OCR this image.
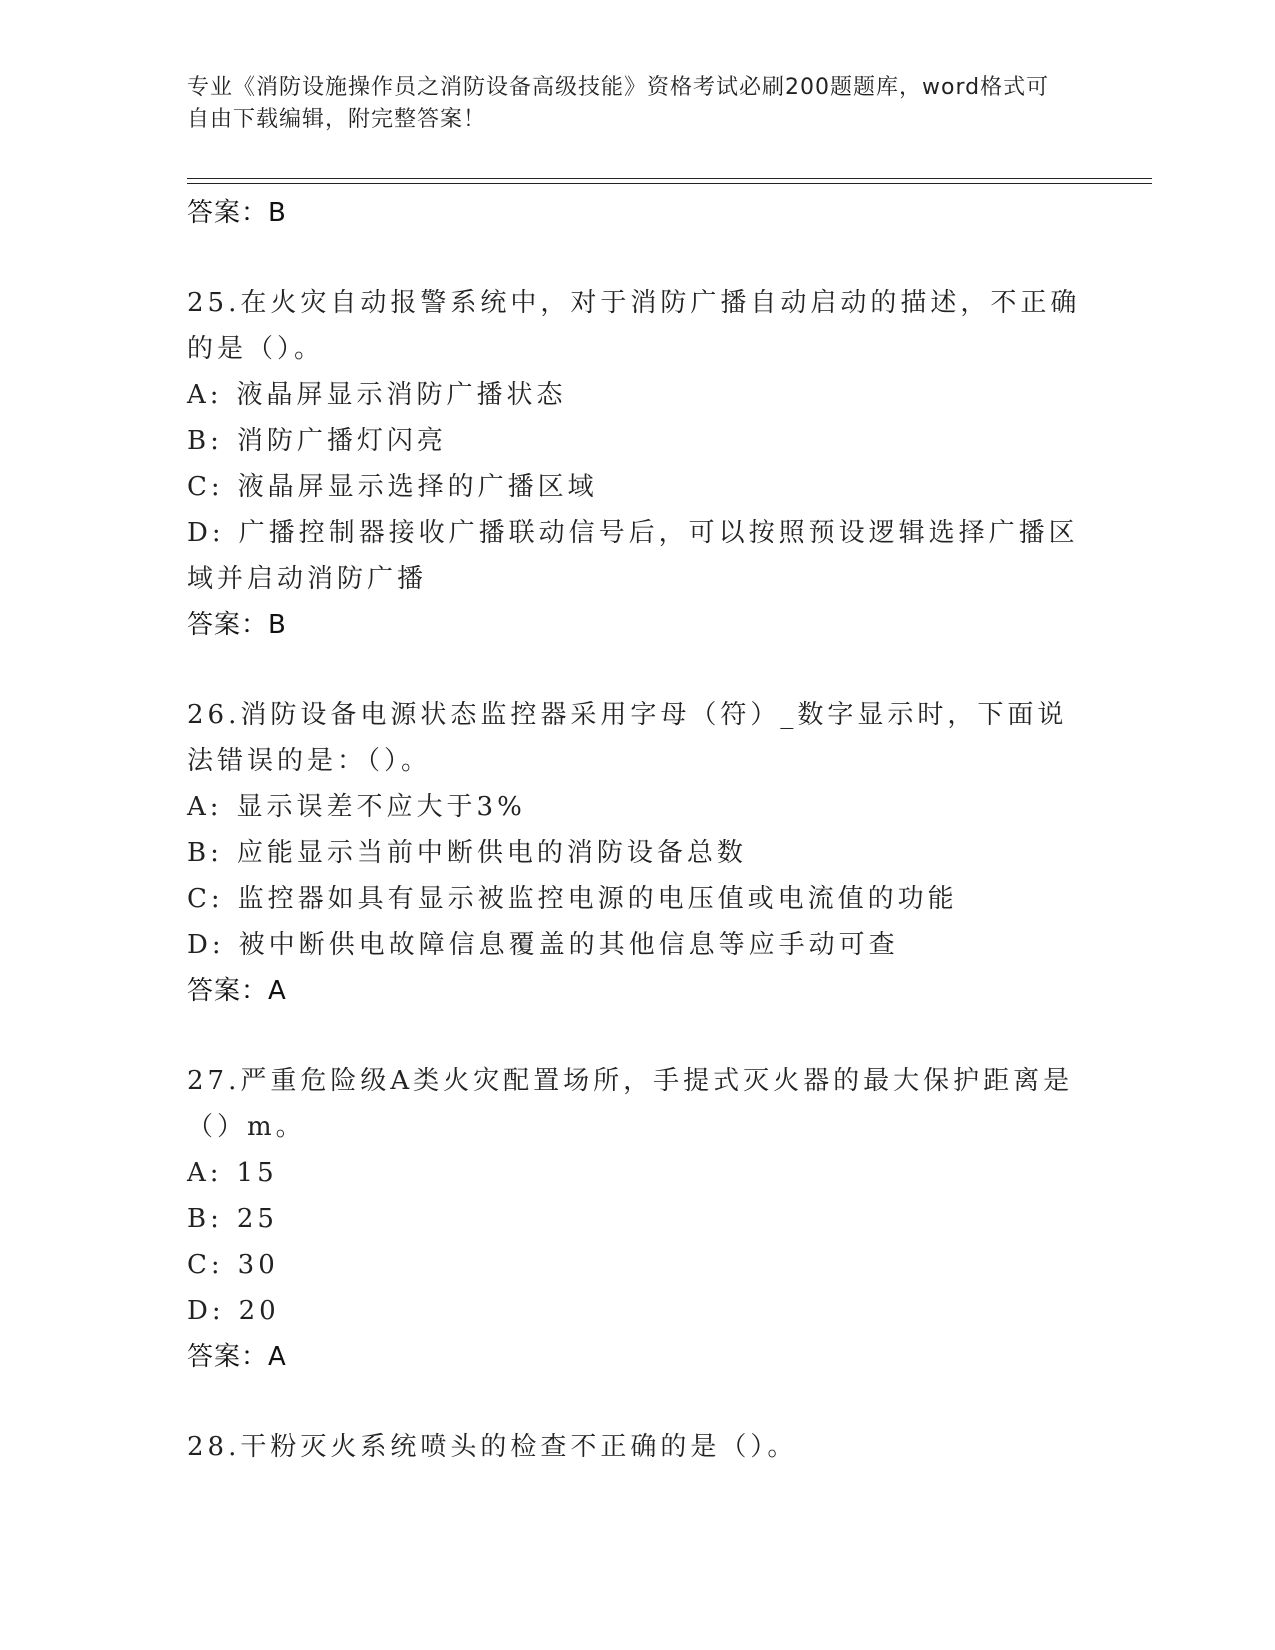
专业《消防设施操作员之消防设备高级技能》资格考试必刷200题题库，word格式可自由下载编辑，附完整答案！
答案：B

25.在火灾自动报警系统中，对于消防广播自动启动的描述，不正确的是（）。

A: 液晶屏显示消防广播状态

B: 消防广播灯闪亮

C: 液晶屏显示选择的广播区域

D: 广播控制器接收广播联动信号后，可以按照预设逻辑选择广播区域并启动消防广播

答案：B

26.消防设备电源状态监控器采用字母（符）_数字显示时，下面说法错误的是：（）。

A: 显示误差不应大于3%

B: 应能显示当前中断供电的消防设备总数

C: 监控器如具有显示被监控电源的电压值或电流值的功能

D: 被中断供电故障信息覆盖的其他信息等应手动可查

答案：A

27.严重危险级A类火灾配置场所，手提式灭火器的最大保护距离是（）m。

A: 15

B: 25

C: 30

D: 20

答案：A

28.干粉灭火系统喷头的检查不正确的是（）。
